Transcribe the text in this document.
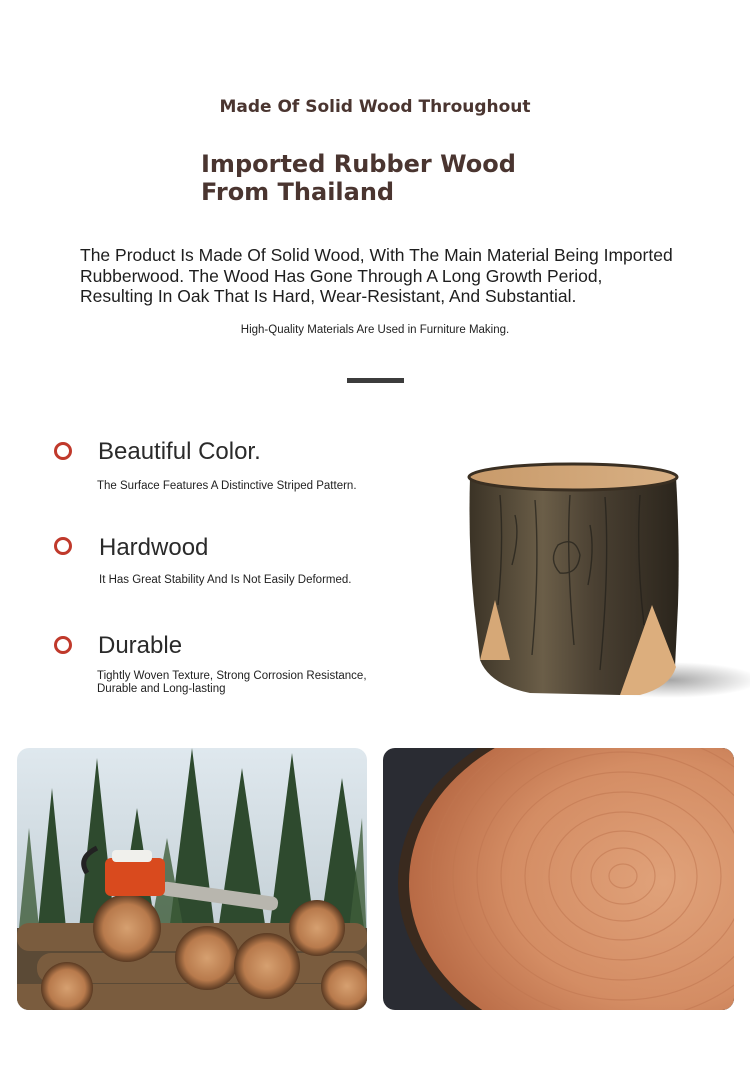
Made Of Solid Wood Throughout
Imported Rubber Wood From Thailand
The Product Is Made Of Solid Wood, With The Main Material Being Imported Rubberwood. The Wood Has Gone Through A Long Growth Period, Resulting In Oak That Is Hard, Wear-Resistant, And Substantial.
High-Quality Materials Are Used in Furniture Making.
Beautiful Color.
The Surface Features A Distinctive Striped Pattern.
Hardwood
It Has Great Stability And Is Not Easily Deformed.
Durable
Tightly Woven Texture, Strong Corrosion Resistance, Durable and Long-lasting
